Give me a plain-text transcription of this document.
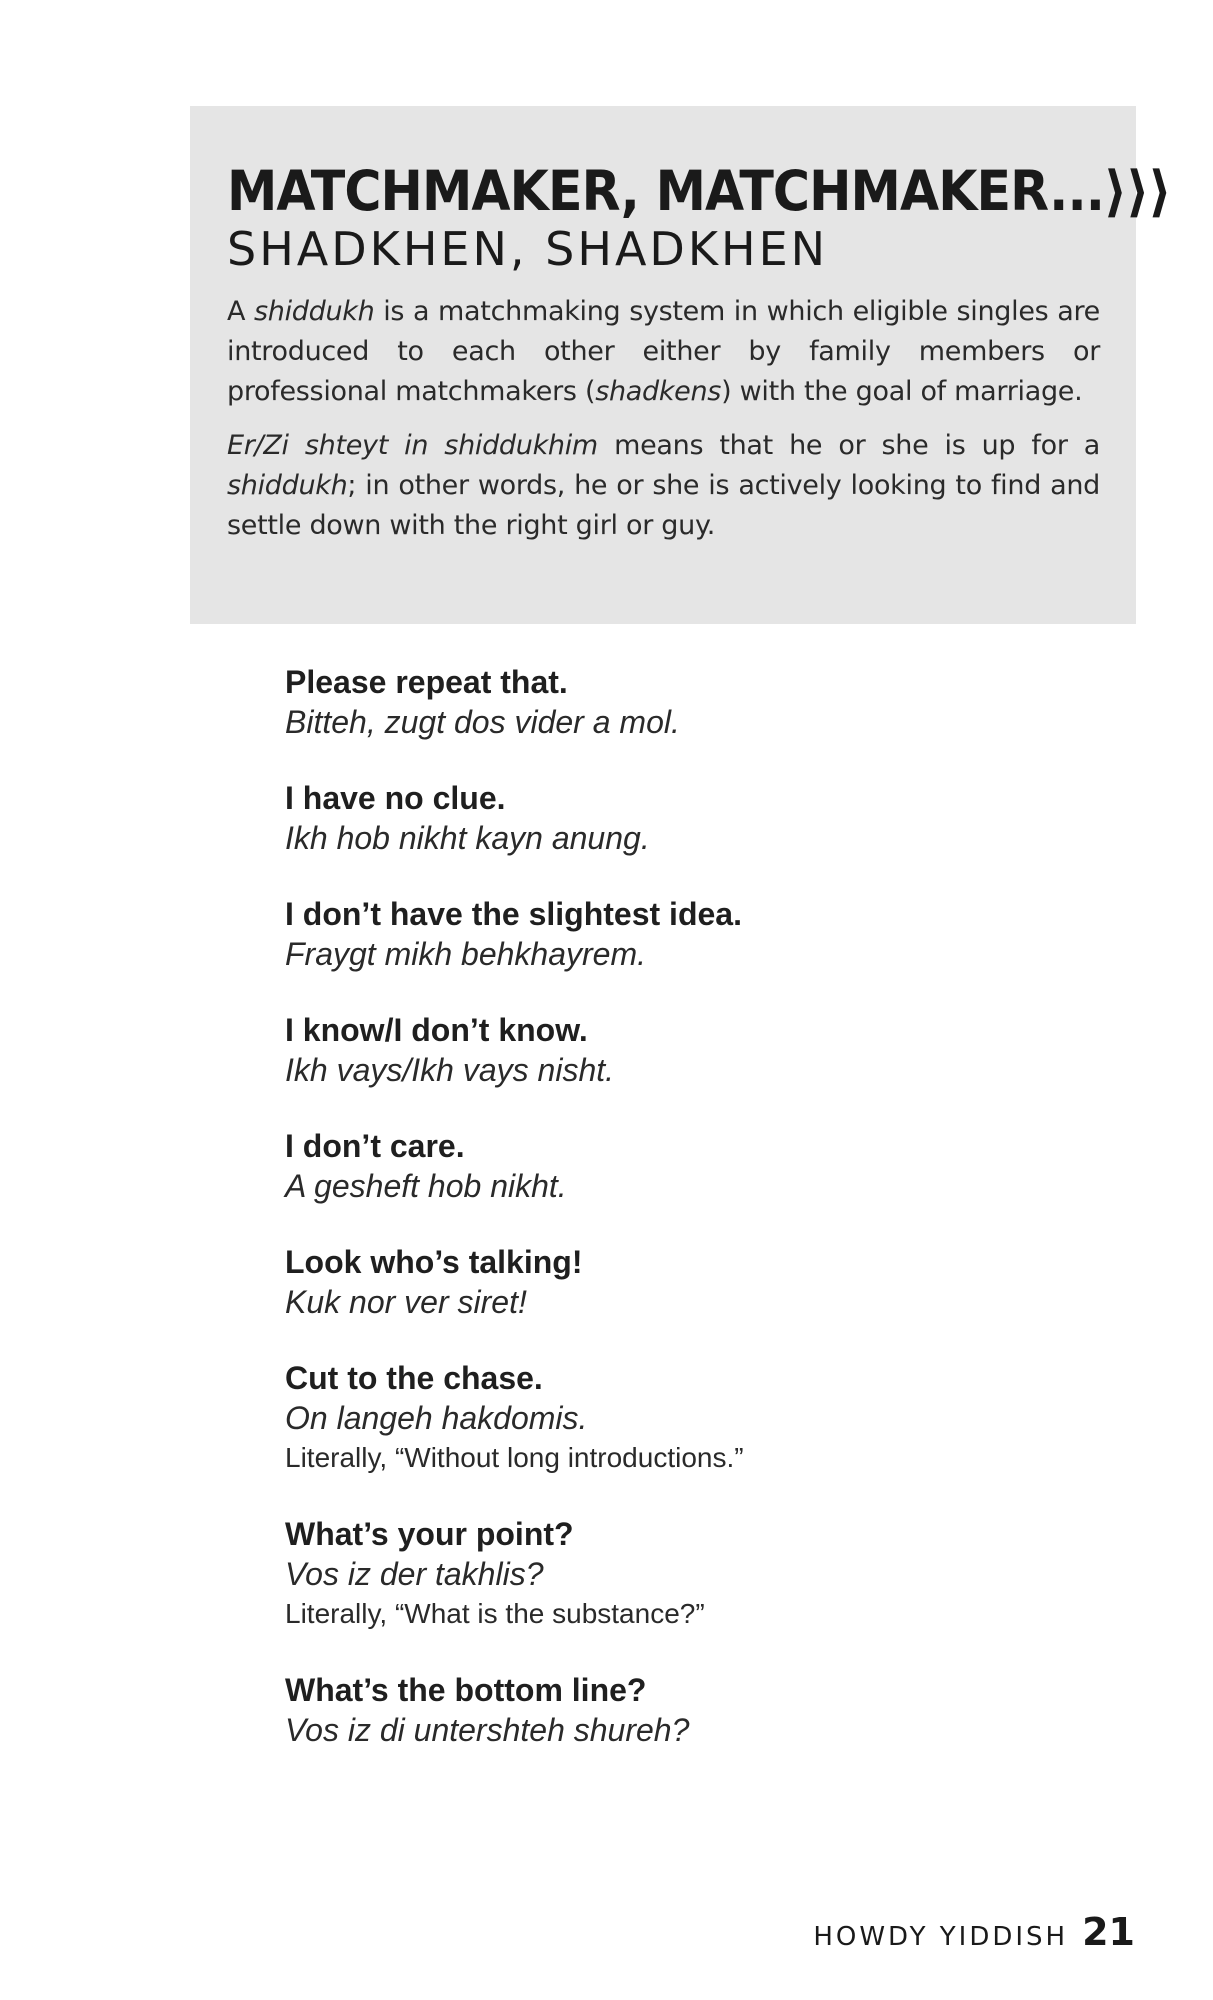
MATCHMAKER, MATCHMAKER...⟩⟩⟩
SHADKHEN, SHADKHEN

A shiddukh is a matchmaking system in which eligible singles are introduced to each other either by family members or professional matchmakers (shadkens) with the goal of marriage.

Er/Zi shteyt in shiddukhim means that he or she is up for a shiddukh; in other words, he or she is actively looking to find and settle down with the right girl or guy.

Please repeat that.
Bitteh, zugt dos vider a mol.
I have no clue.
Ikh hob nikht kayn anung.
I don’t have the slightest idea.
Fraygt mikh behkhayrem.
I know/I don’t know.
Ikh vays/Ikh vays nisht.
I don’t care.
A gesheft hob nikht.
Look who’s talking!
Kuk nor ver siret!
Cut to the chase.
On langeh hakdomis.
Literally, “Without long introductions.”
What’s your point?
Vos iz der takhlis?
Literally, “What is the substance?”
What’s the bottom line?
Vos iz di untershteh shureh?
HOWDY YIDDISH 21
